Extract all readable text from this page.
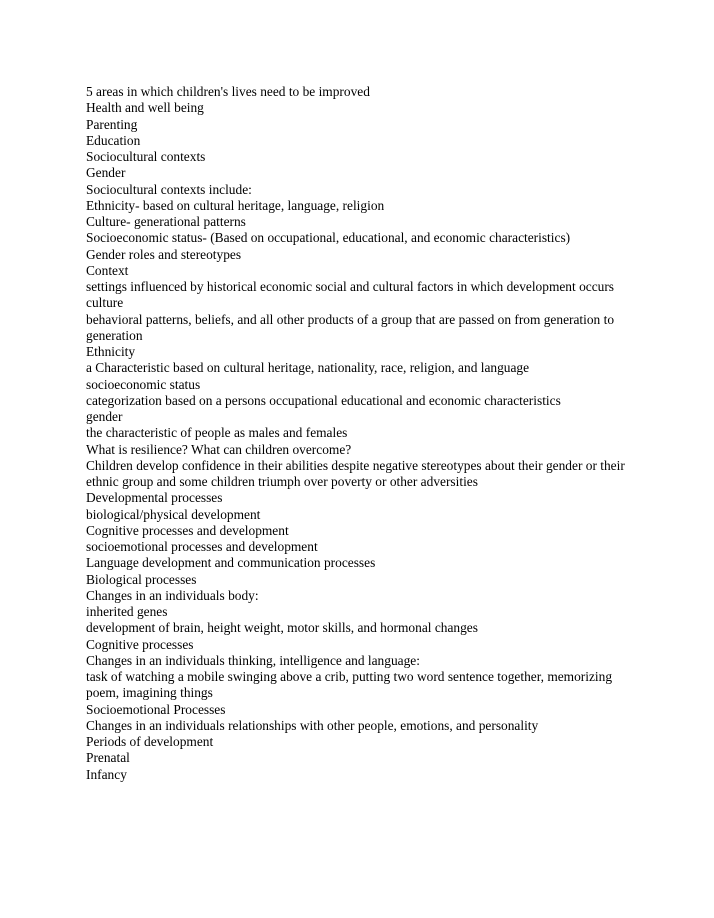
5 areas in which children's lives need to be improved
Health and well being
Parenting
Education
Sociocultural contexts
Gender
Sociocultural contexts include:
Ethnicity- based on cultural heritage, language, religion
Culture- generational patterns
Socioeconomic status- (Based on occupational, educational, and economic characteristics)
Gender roles and stereotypes
Context
settings influenced by historical economic social and cultural factors in which development occurs
culture
behavioral patterns, beliefs, and all other products of a group that are passed on from generation to generation
Ethnicity
a Characteristic based on cultural heritage, nationality, race, religion, and language
socioeconomic status
categorization based on a persons occupational educational and economic characteristics
gender
the characteristic of people as males and females
What is resilience? What can children overcome?
Children develop confidence in their abilities despite negative stereotypes about their gender or their ethnic group and some children triumph over poverty or other adversities
Developmental processes
biological/physical development
Cognitive processes and development
socioemotional processes and development
Language development and communication processes
Biological processes
Changes in an individuals body:
inherited genes
development of brain, height weight, motor skills, and hormonal changes
Cognitive processes
Changes in an individuals thinking, intelligence and language:
task of watching a mobile swinging above a crib, putting two word sentence together, memorizing poem, imagining things
Socioemotional Processes
Changes in an individuals relationships with other people, emotions, and personality
Periods of development
Prenatal
Infancy
